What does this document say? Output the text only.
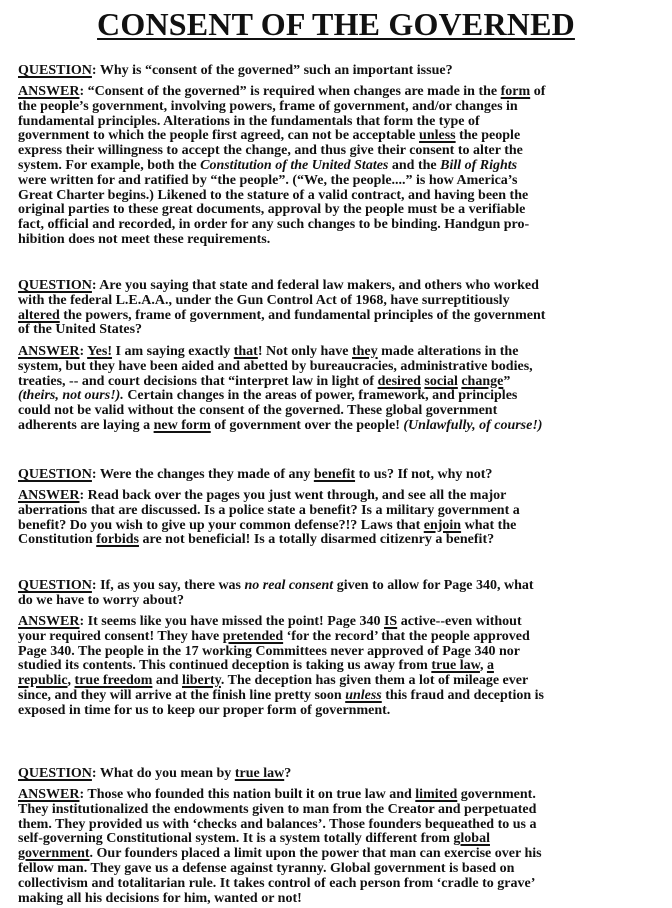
CONSENT OF THE GOVERNED
QUESTION: Why is “consent of the governed” such an important issue?
ANSWER: “Consent of the governed” is required when changes are made in the form of
the people’s government, involving powers, frame of government, and/or changes in
fundamental principles. Alterations in the fundamentals that form the type of
government to which the people first agreed, can not be acceptable unless the people
express their willingness to accept the change, and thus give their consent to alter the
system. For example, both the Constitution of the United States and the Bill of Rights
were written for and ratified by “the people”. (“We, the people....” is how America’s
Great Charter begins.) Likened to the stature of a valid contract, and having been the
original parties to these great documents, approval by the people must be a verifiable
fact, official and recorded, in order for any such changes to be binding. Handgun pro-
hibition does not meet these requirements.
QUESTION: Are you saying that state and federal law makers, and others who worked
with the federal L.E.A.A., under the Gun Control Act of 1968, have surreptitiously
altered the powers, frame of government, and fundamental principles of the government
of the United States?
ANSWER: Yes! I am saying exactly that! Not only have they made alterations in the
system, but they have been aided and abetted by bureaucracies, administrative bodies,
treaties, -- and court decisions that “interpret law in light of desired social change”
(theirs, not ours!). Certain changes in the areas of power, framework, and principles
could not be valid without the consent of the governed. These global government
adherents are laying a new form of government over the people! (Unlawfully, of course!)
QUESTION: Were the changes they made of any benefit to us? If not, why not?
ANSWER: Read back over the pages you just went through, and see all the major
aberrations that are discussed. Is a police state a benefit? Is a military government a
benefit? Do you wish to give up your common defense?!? Laws that enjoin what the
Constitution forbids are not beneficial! Is a totally disarmed citizenry a benefit?
QUESTION: If, as you say, there was no real consent given to allow for Page 340, what
do we have to worry about?
ANSWER: It seems like you have missed the point! Page 340 IS active--even without
your required consent! They have pretended ‘for the record’ that the people approved
Page 340. The people in the 17 working Committees never approved of Page 340 nor
studied its contents. This continued deception is taking us away from true law, a
republic, true freedom and liberty. The deception has given them a lot of mileage ever
since, and they will arrive at the finish line pretty soon unless this fraud and deception is
exposed in time for us to keep our proper form of government.
QUESTION: What do you mean by true law?
ANSWER: Those who founded this nation built it on true law and limited government.
They institutionalized the endowments given to man from the Creator and perpetuated
them. They provided us with ‘checks and balances’. Those founders bequeathed to us a
self-governing Constitutional system. It is a system totally different from global
government. Our founders placed a limit upon the power that man can exercise over his
fellow man. They gave us a defense against tyranny. Global government is based on
collectivism and totalitarian rule. It takes control of each person from ‘cradle to grave’
making all his decisions for him, wanted or not!
